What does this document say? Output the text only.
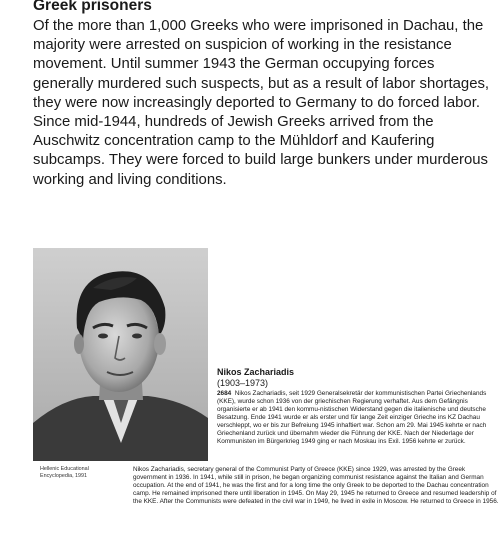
Greek prisoners

Of the more than 1,000 Greeks who were imprisoned in Dachau, the majority were arrested on suspicion of working in the resistance movement. Until summer 1943 the German occupying forces generally murdered such suspects, but as a result of labor shortages, they were now increasingly deported to Germany to do forced labor. Since mid-1944, hundreds of Jewish Greeks arrived from the Auschwitz concentration camp to the Mühldorf and Kaufering subcamps. They were forced to build large bunkers under murderous working and living conditions.

Nikos Zachariadis

(1903–1973)

2684 Nikos Zachariadis, seit 1929 Generalsekretär der kommunistischen Partei Griechenlands (KKE), wurde schon 1936 von der griechischen Regierung verhaftet. Aus dem Gefängnis organisierte er ab 1941 den kommu-nistischen Widerstand gegen die italienische und deutsche Besatzung. Ende 1941 wurde er als erster und für lange Zeit einziger Grieche ins KZ Dachau verschleppt, wo er bis zur Befreiung 1945 inhaftiert war. Schon am 29. Mai 1945 kehrte er nach Griechenland zurück und übernahm wieder die Führung der KKE. Nach der Niederlage der Kommunisten im Bürgerkrieg 1949 ging er nach Moskau ins Exil. 1956 kehrte er zurück.

Hellenic Educational Encyclopedia, 1991

Nikos Zachariadis, secretary general of the Communist Party of Greece (KKE) since 1929, was arrested by the Greek government in 1936. In 1941, while still in prison, he began organizing communist resistance against the Italian and German occupation. At the end of 1941, he was the first and for a long time the only Greek to be deported to the Dachau concentration camp. He remained imprisoned there until liberation in 1945. On May 29, 1945 he returned to Greece and resumed leadership of the KKE. After the Communists were defeated in the civil war in 1949, he lived in exile in Moscow. He returned to Greece in 1956.
